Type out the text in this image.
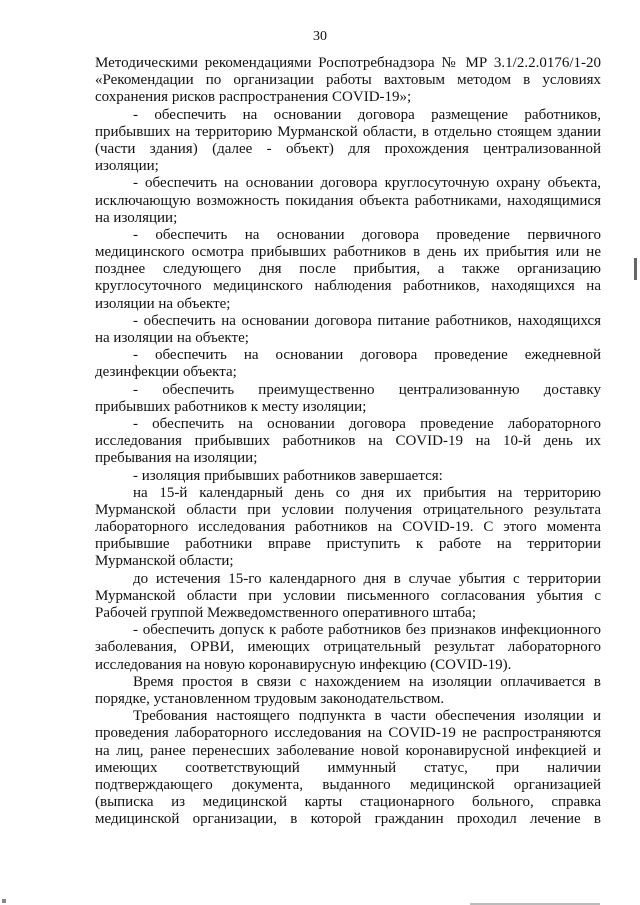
30
Методическими рекомендациями Роспотребнадзора № МР 3.1/2.2.0176/1-20
«Рекомендации по организации работы вахтовым методом в условиях
сохранения рисков распространения COVID-19»;
- обеспечить на основании договора размещение работников,
прибывших на территорию Мурманской области, в отдельно стоящем здании
(части здания) (далее - объект) для прохождения централизованной
изоляции;
- обеспечить на основании договора круглосуточную охрану объекта,
исключающую возможность покидания объекта работниками, находящимися
на изоляции;
- обеспечить на основании договора проведение первичного
медицинского осмотра прибывших работников в день их прибытия или не
позднее следующего дня после прибытия, а также организацию
круглосуточного медицинского наблюдения работников, находящихся на
изоляции на объекте;
- обеспечить на основании договора питание работников, находящихся
на изоляции на объекте;
- обеспечить на основании договора проведение ежедневной
дезинфекции объекта;
- обеспечить преимущественно централизованную доставку
прибывших работников к месту изоляции;
- обеспечить на основании договора проведение лабораторного
исследования прибывших работников на COVID-19 на 10-й день их
пребывания на изоляции;
- изоляция прибывших работников завершается:
на 15-й календарный день со дня их прибытия на территорию
Мурманской области при условии получения отрицательного результата
лабораторного исследования работников на COVID-19. С этого момента
прибывшие работники вправе приступить к работе на территории
Мурманской области;
до истечения 15-го календарного дня в случае убытия с территории
Мурманской области при условии письменного согласования убытия с
Рабочей группой Межведомственного оперативного штаба;
- обеспечить допуск к работе работников без признаков инфекционного
заболевания, ОРВИ, имеющих отрицательный результат лабораторного
исследования на новую коронавирусную инфекцию (COVID-19).
Время простоя в связи с нахождением на изоляции оплачивается в
порядке, установленном трудовым законодательством.
Требования настоящего подпункта в части обеспечения изоляции и
проведения лабораторного исследования на COVID-19 не распространяются
на лиц, ранее перенесших заболевание новой коронавирусной инфекцией и
имеющих соответствующий иммунный статус, при наличии
подтверждающего документа, выданного медицинской организацией
(выписка из медицинской карты стационарного больного, справка
медицинской организации, в которой гражданин проходил лечение в
